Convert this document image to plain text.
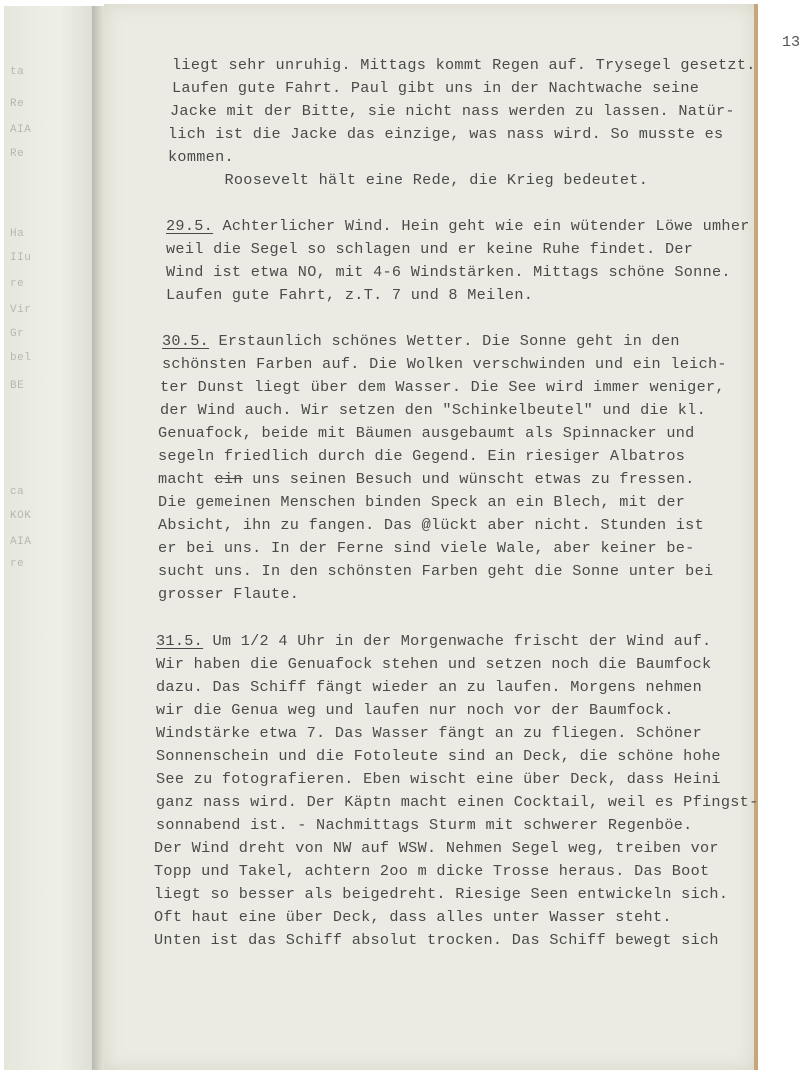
ta
Re
AIA
Re
Ha
IIu
re
Vir
Gr
bel
BE
ca
KOK
AIA
re
13
liegt sehr unruhig. Mittags kommt Regen auf. Trysegel gesetzt.
Laufen gute Fahrt. Paul gibt uns in der Nachtwache seine
Jacke mit der Bitte, sie nicht nass werden zu lassen. Natür-
lich ist die Jacke das einzige, was nass wird. So musste es
kommen.
Roosevelt hält eine Rede, die Krieg bedeutet.
29.5. Achterlicher Wind. Hein geht wie ein wütender Löwe umher
weil die Segel so schlagen und er keine Ruhe findet. Der
Wind ist etwa NO, mit 4-6 Windstärken. Mittags schöne Sonne.
Laufen gute Fahrt, z.T. 7 und 8 Meilen.
30.5. Erstaunlich schönes Wetter. Die Sonne geht in den
schönsten Farben auf. Die Wolken verschwinden und ein leich-
ter Dunst liegt über dem Wasser. Die See wird immer weniger,
der Wind auch. Wir setzen den "Schinkelbeutel" und die kl.
Genuafock, beide mit Bäumen ausgebaumt als Spinnacker und
segeln friedlich durch die Gegend. Ein riesiger Albatros
macht ein uns seinen Besuch und wünscht etwas zu fressen.
Die gemeinen Menschen binden Speck an ein Blech, mit der
Absicht, ihn zu fangen. Das @lückt aber nicht. Stunden ist
er bei uns. In der Ferne sind viele Wale, aber keiner be-
sucht uns. In den schönsten Farben geht die Sonne unter bei
grosser Flaute.
31.5. Um 1/2 4 Uhr in der Morgenwache frischt der Wind auf.
Wir haben die Genuafock stehen und setzen noch die Baumfock
dazu. Das Schiff fängt wieder an zu laufen. Morgens nehmen
wir die Genua weg und laufen nur noch vor der Baumfock.
Windstärke etwa 7. Das Wasser fängt an zu fliegen. Schöner
Sonnenschein und die Fotoleute sind an Deck, die schöne hohe
See zu fotografieren. Eben wischt eine über Deck, dass Heini
ganz nass wird. Der Käptn macht einen Cocktail, weil es Pfingst-
sonnabend ist. - Nachmittags Sturm mit schwerer Regenböe.
Der Wind dreht von NW auf WSW. Nehmen Segel weg, treiben vor
Topp und Takel, achtern 2oo m dicke Trosse heraus. Das Boot
liegt so besser als beigedreht. Riesige Seen entwickeln sich.
Oft haut eine über Deck, dass alles unter Wasser steht.
Unten ist das Schiff absolut trocken. Das Schiff bewegt sich
